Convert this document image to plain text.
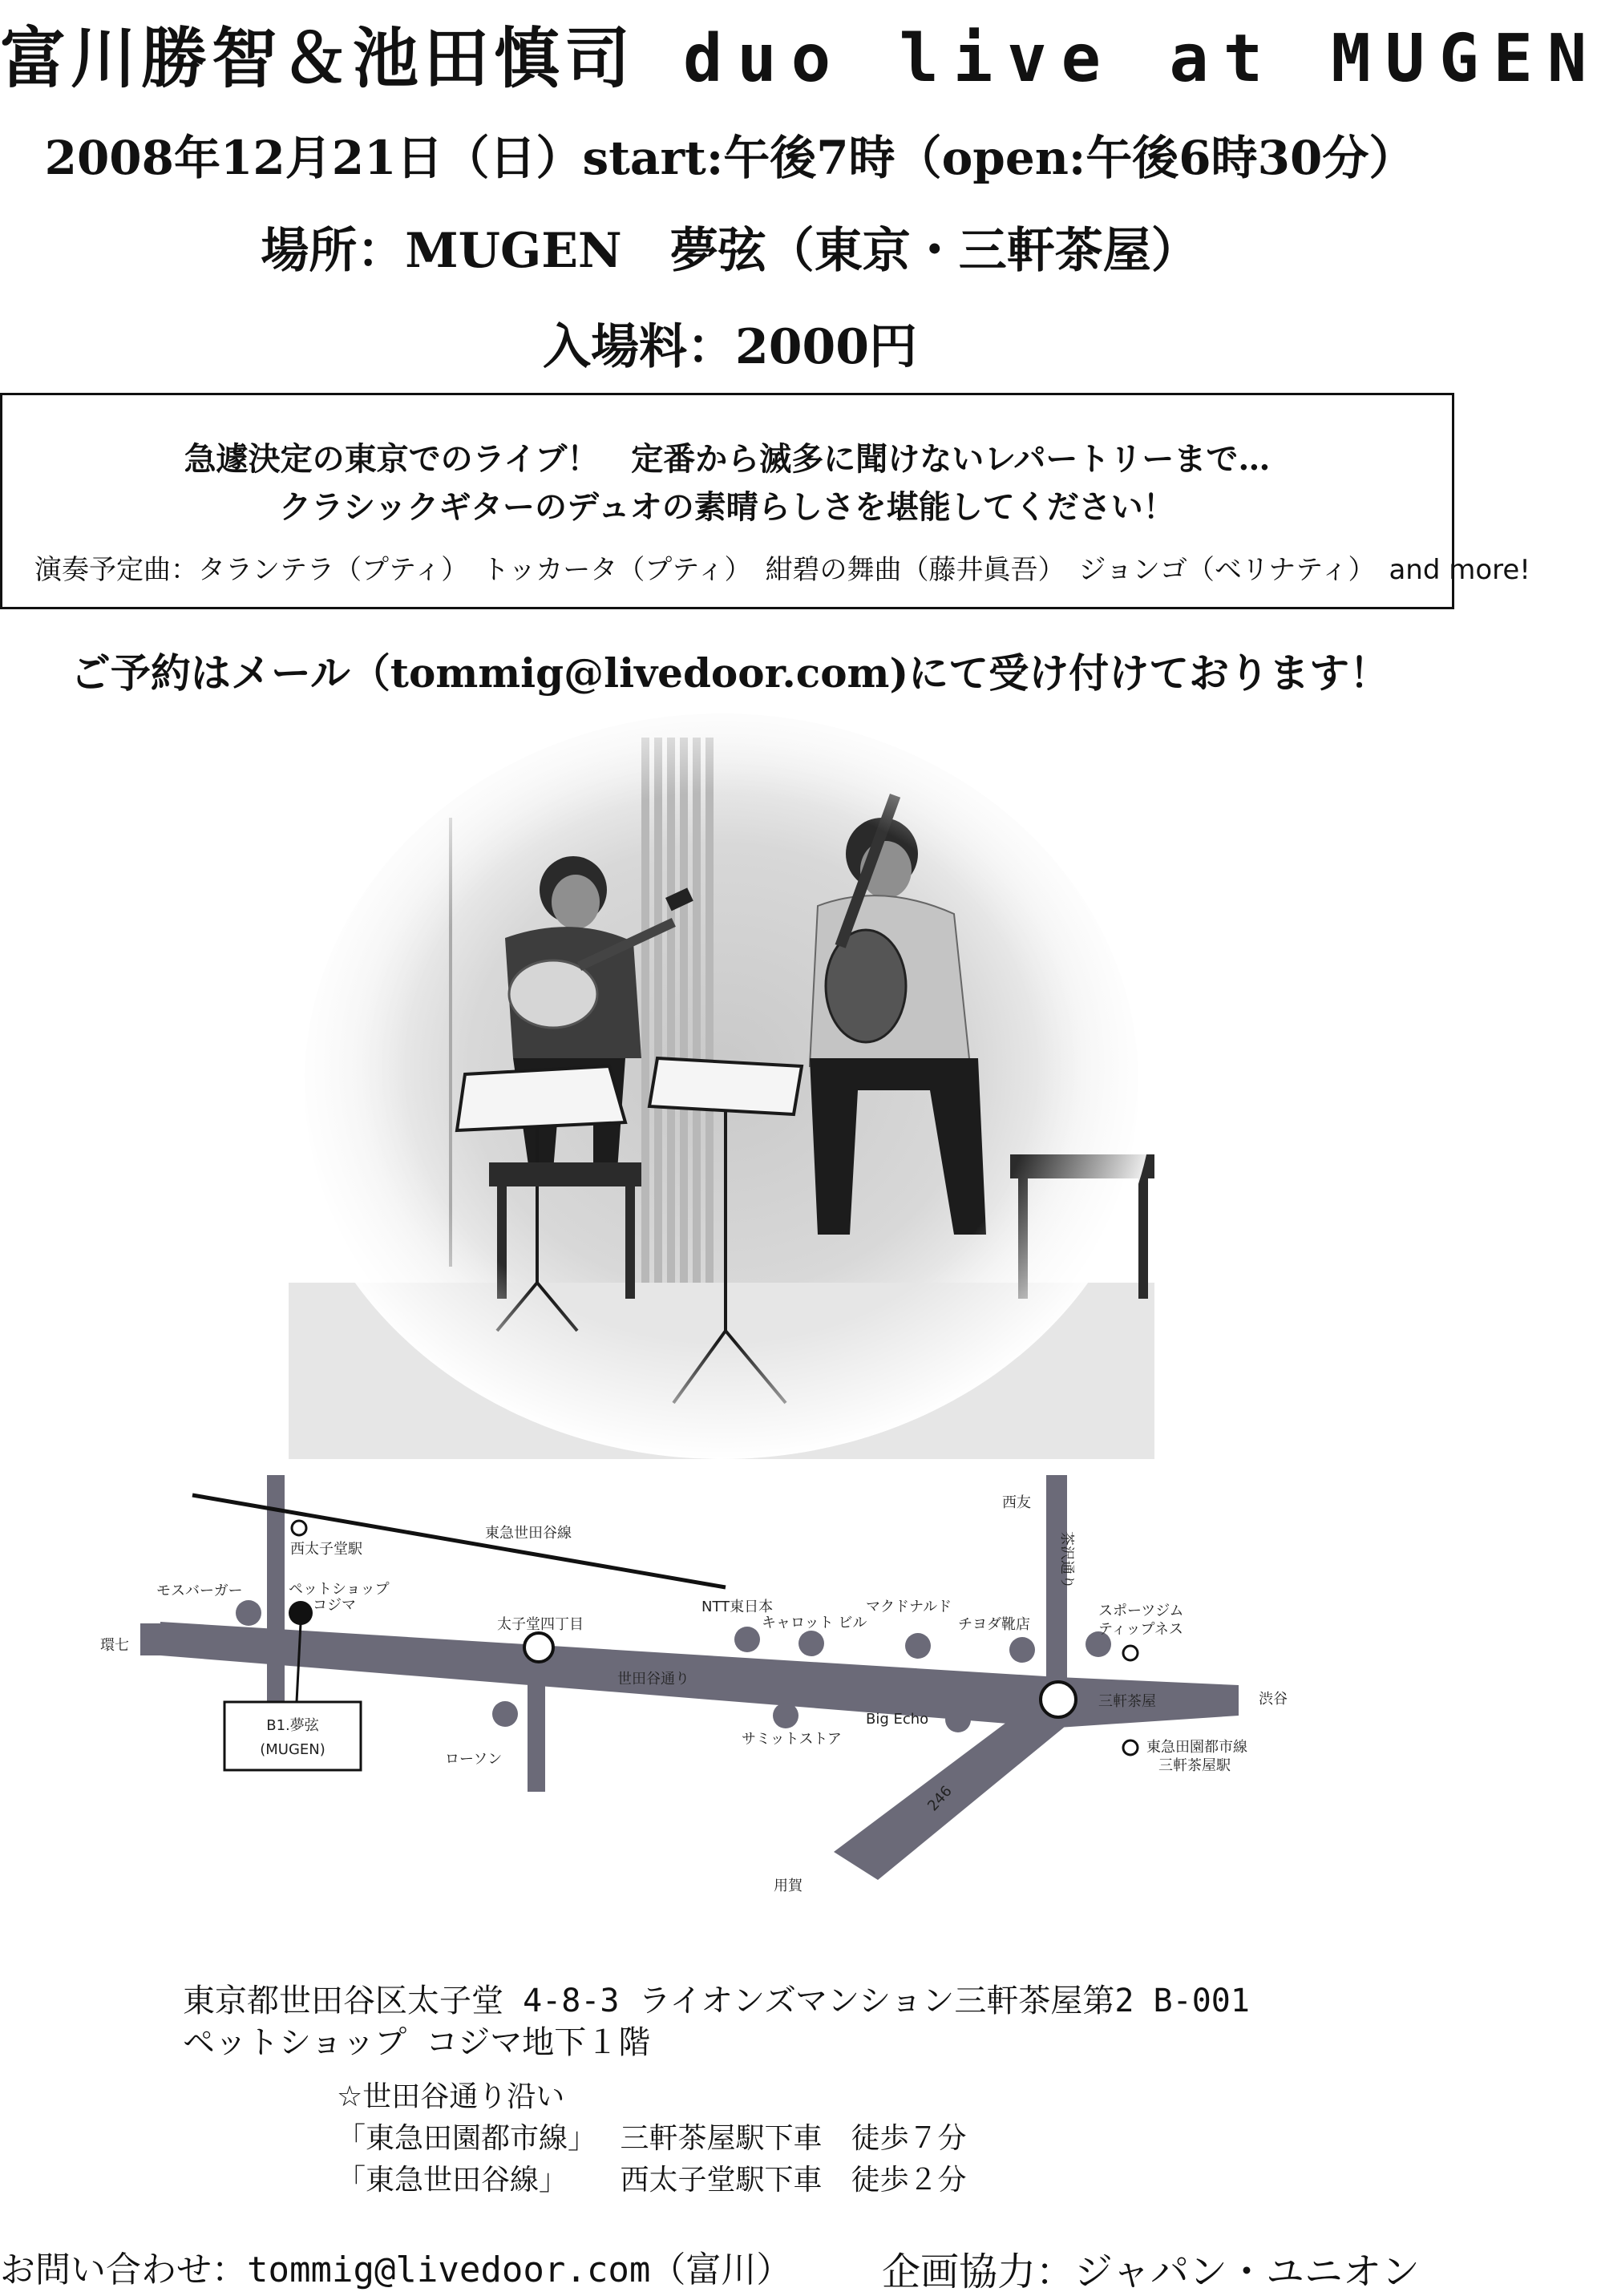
富川勝智＆池田慎司 duo live at MUGEN
2008年12月21日（日）start:午後7時（open:午後6時30分）
場所：MUGEN　夢弦（東京・三軒茶屋）
入場料：2000円
急遽決定の東京でのライブ！　定番から滅多に聞けないレパートリーまで…
クラシックギターのデュオの素晴らしさを堪能してください！
演奏予定曲：タランテラ（プティ）　トッカータ（プティ）　紺碧の舞曲（藤井眞吾）　ジョンゴ（ベリナティ）　and more!
ご予約はメール（tommig@livedoor.com)にて受け付けております！
B1.夢弦
(MUGEN)
東急世田谷線
西太子堂駅
モスバーガー	ペットショップ
コジマ
環七
ローソン
太子堂四丁目
世田谷通り
NTT東日本
キャロット ビル
マクドナルド
チヨダ靴店
サミットストア
Big Echo
西友
茶沢通り
スポーツジム
ティップネス
三軒茶屋	渋谷
東急田園都市線
三軒茶屋駅
246
用賀
東京都世田谷区太子堂 4-8-3 ライオンズマンション三軒茶屋第2 B-001
ペットショップ コジマ地下１階
☆世田谷通り沿い
「東急田園都市線」　 三軒茶屋駅下車　徒歩７分
「東急世田谷線」　　 西太子堂駅下車　徒歩２分
お問い合わせ：tommig@livedoor.com（富川） 企画協力：ジャパン・ユニオン
